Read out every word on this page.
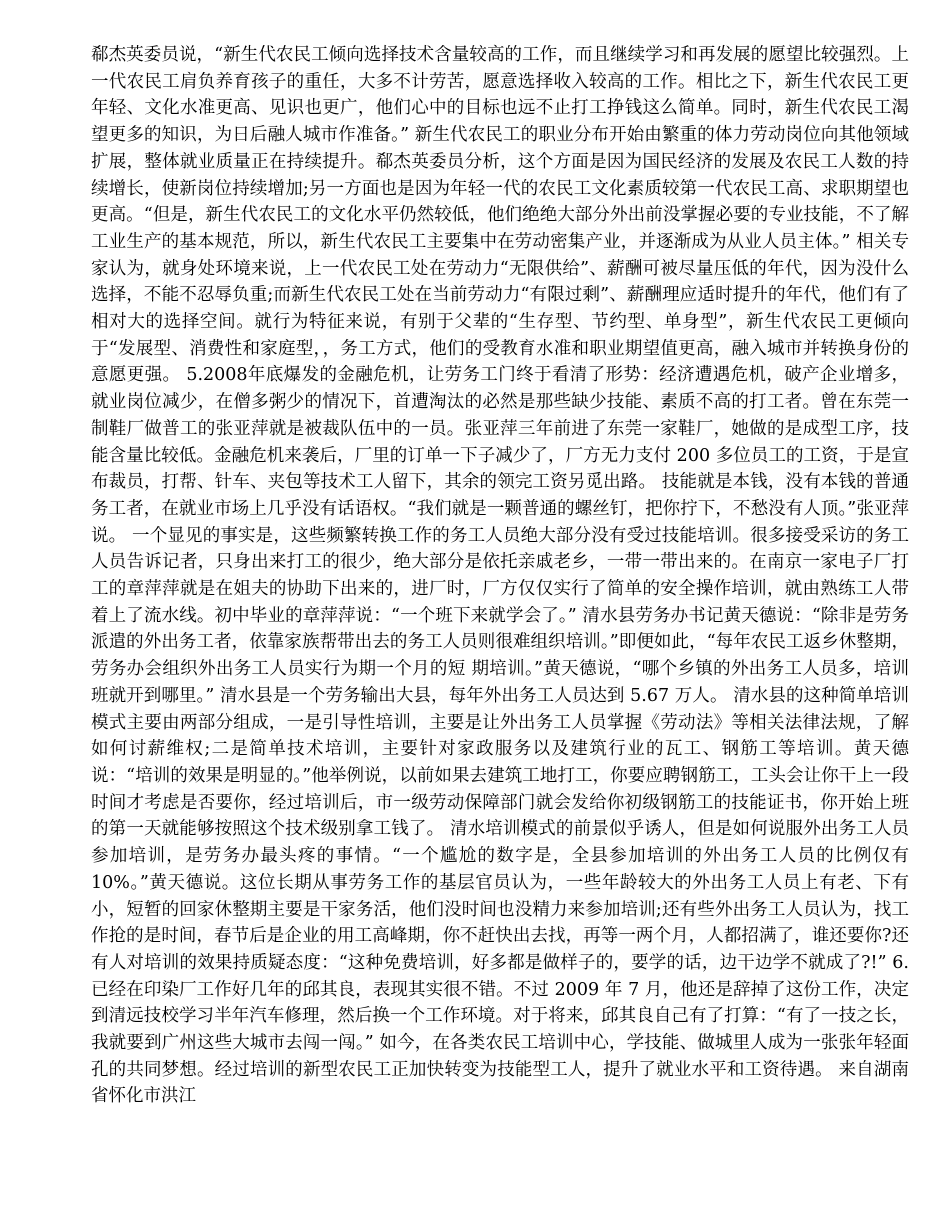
郗杰英委员说，“新生代农民工倾向选择技术含量较高的工作，而且继续学习和再发展的愿望比较强烈。上一代农民工肩负养育孩子的重任，大多不计劳苦，愿意选择收入较高的工作。相比之下，新生代农民工更年轻、文化水准更高、见识也更广，他们心中的目标也远不止打工挣钱这么简单。同时，新生代农民工渴望更多的知识，为日后融人城市作准备。” 新生代农民工的职业分布开始由繁重的体力劳动岗位向其他领域扩展，整体就业质量正在持续提升。郗杰英委员分析，这个方面是因为国民经济的发展及农民工人数的持续增长，使新岗位持续增加;另一方面也是因为年轻一代的农民工文化素质较第一代农民工高、求职期望也更高。“但是，新生代农民工的文化水平仍然较低，他们绝绝大部分外出前没掌握必要的专业技能，不了解工业生产的基本规范，所以，新生代农民工主要集中在劳动密集产业，并逐渐成为从业人员主体。” 相关专家认为，就身处环境来说，上一代农民工处在劳动力“无限供给”、薪酬可被尽量压低的年代，因为没什么选择，不能不忍辱负重;而新生代农民工处在当前劳动力“有限过剩”、薪酬理应适时提升的年代，他们有了相对大的选择空间。就行为特征来说，有别于父辈的“生存型、节约型、单身型”，新生代农民工更倾向于“发展型、消费性和家庭型，，务工方式，他们的受教育水准和职业期望值更高，融入城市并转换身份的意愿更强。 5.2008年底爆发的金融危机，让劳务工门终于看清了形势：经济遭遇危机，破产企业增多，就业岗位减少，在僧多粥少的情况下，首遭淘汰的必然是那些缺少技能、素质不高的打工者。曾在东莞一制鞋厂做普工的张亚萍就是被裁队伍中的一员。张亚萍三年前进了东莞一家鞋厂，她做的是成型工序，技能含量比较低。金融危机来袭后，厂里的订单一下子减少了，厂方无力支付 200 多位员工的工资，于是宣布裁员，打帮、针车、夹包等技术工人留下，其余的领完工资另觅出路。 技能就是本钱，没有本钱的普通务工者，在就业市场上几乎没有话语权。“我们就是一颗普通的螺丝钉，把你拧下，不愁没有人顶。”张亚萍说。 一个显见的事实是，这些频繁转换工作的务工人员绝大部分没有受过技能培训。很多接受采访的务工人员告诉记者，只身出来打工的很少，绝大部分是依托亲戚老乡，一带一带出来的。在南京一家电子厂打工的章萍萍就是在姐夫的协助下出来的，进厂时，厂方仅仅实行了简单的安全操作培训，就由熟练工人带着上了流水线。初中毕业的章萍萍说：“一个班下来就学会了。” 清水县劳务办书记黄天德说：“除非是劳务派遣的外出务工者，依靠家族帮带出去的务工人员则很难组织培训。”即便如此，“每年农民工返乡休整期，劳务办会组织外出务工人员实行为期一个月的短 期培训。”黄天德说，“哪个乡镇的外出务工人员多，培训班就开到哪里。” 清水县是一个劳务输出大县，每年外出务工人员达到 5.67 万人。 清水县的这种简单培训模式主要由两部分组成，一是引导性培训，主要是让外出务工人员掌握《劳动法》等相关法律法规，了解如何讨薪维权;二是简单技术培训，主要针对家政服务以及建筑行业的瓦工、钢筋工等培训。黄天德说：“培训的效果是明显的。”他举例说，以前如果去建筑工地打工，你要应聘钢筋工，工头会让你干上一段时间才考虑是否要你，经过培训后，市一级劳动保障部门就会发给你初级钢筋工的技能证书，你开始上班的第一天就能够按照这个技术级别拿工钱了。 清水培训模式的前景似乎诱人，但是如何说服外出务工人员参加培训，是劳务办最头疼的事情。“一个尴尬的数字是，全县参加培训的外出务工人员的比例仅有 10%。”黄天德说。这位长期从事劳务工作的基层官员认为，一些年龄较大的外出务工人员上有老、下有小，短暂的回家休整期主要是干家务活，他们没时间也没精力来参加培训;还有些外出务工人员认为，找工作抢的是时间，春节后是企业的用工高峰期，你不赶快出去找，再等一两个月，人都招满了，谁还要你?还有人对培训的效果持质疑态度：“这种免费培训，好多都是做样子的，要学的话，边干边学不就成了?!” 6.已经在印染厂工作好几年的邱其良，表现其实很不错。不过 2009 年 7 月，他还是辞掉了这份工作，决定到清远技校学习半年汽车修理，然后换一个工作环境。对于将来，邱其良自己有了打算：“有了一技之长，我就要到广州这些大城市去闯一闯。” 如今，在各类农民工培训中心，学技能、做城里人成为一张张年轻面孔的共同梦想。经过培训的新型农民工正加快转变为技能型工人，提升了就业水平和工资待遇。 来自湖南省怀化市洪江
